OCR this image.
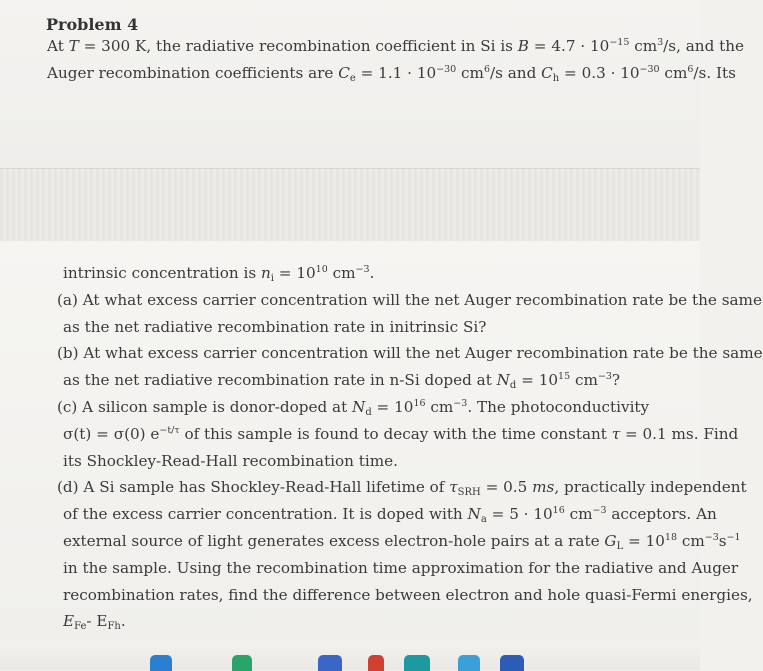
Problem 4
At T = 300 K, the radiative recombination coefficient in Si is $B = 4.7 \cdot 10^{-15}$ $cm^3/s$, and the
Auger recombination coefficients are $C_e = 1.1 \cdot 10^{-30}$ $cm^6/s$ and $C_h = 0.3 \cdot 10^{-30}$ $cm^6/s$. Its
intrinsic concentration is $n_i = 10^{10}$ $cm^{-3}$.
(a) At what excess carrier concentration will the net Auger recombination rate be the same
as the net radiative recombination rate in initrinsic Si?
(b) At what excess carrier concentration will the net Auger recombination rate be the same
as the net radiative recombination rate in n-Si doped at $N_d = 10^{15}$ $cm^{-3}$?
(c) A silicon sample is donor-doped at $N_d = 10^{16}$ $cm^{-3}$. The photoconductivity
σ(t) = σ(0) $e^{-t/\tau}$ of this sample is found to decay with the time constant τ = 0.1 ms. Find
its Shockley-Read-Hall recombination time.
(d) A Si sample has Shockley-Read-Hall lifetime of $\tau_{SRH} = 0.5$ ms, practically independent
of the excess carrier concentration. It is doped with $N_a = 5 \cdot 10^{16}$ $cm^{-3}$ acceptors. An
external source of light generates excess electron-hole pairs at a rate $G_L = 10^{18}$ $cm^{-3}s^{-1}$
in the sample. Using the recombination time approximation for the radiative and Auger
recombination rates, find the difference between electron and hole quasi-Fermi energies,
$E_{Fe}-$ $E_{Fh}$.
